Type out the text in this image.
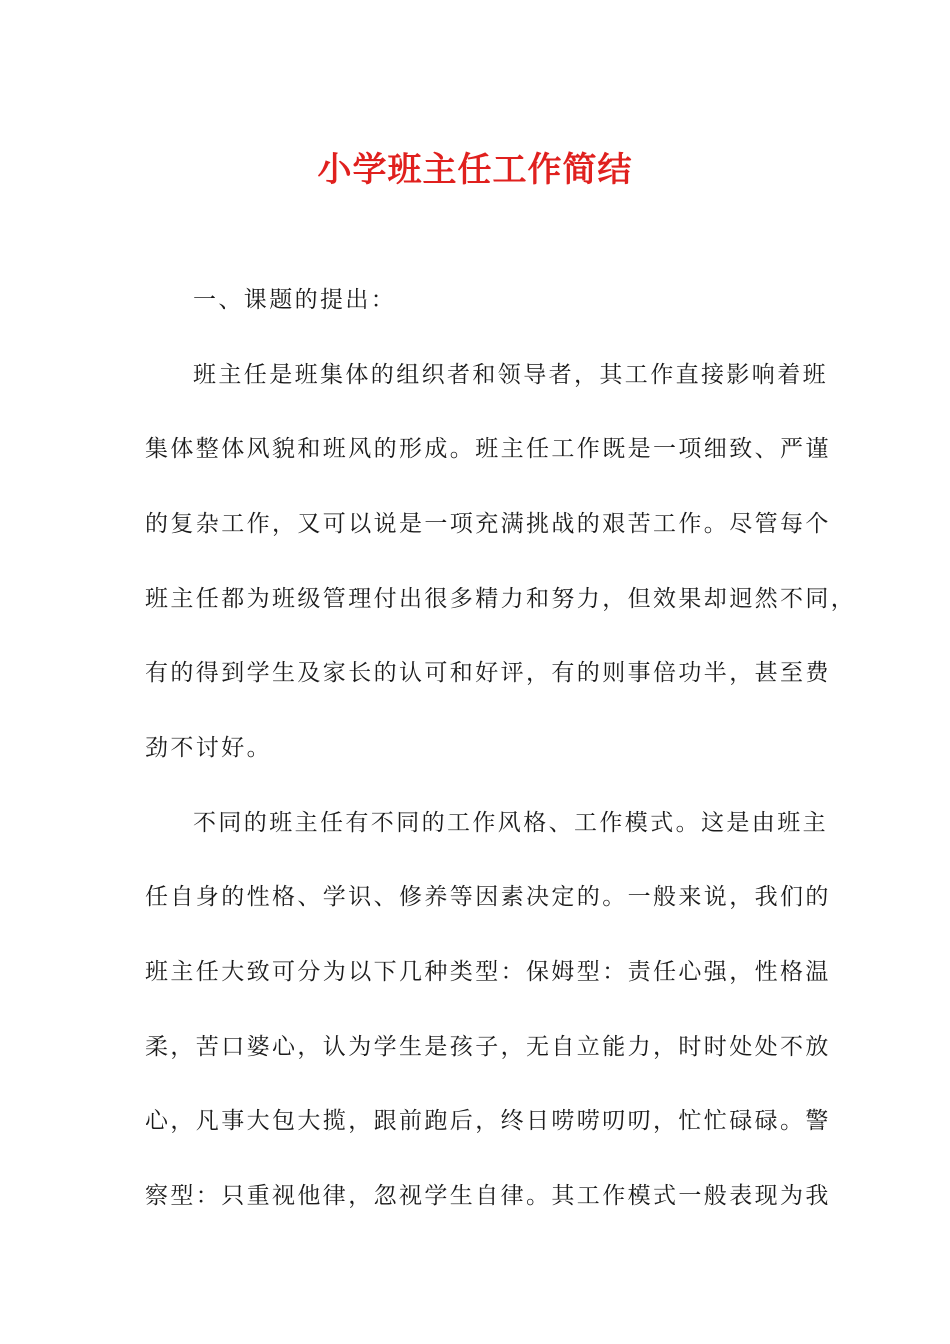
小学班主任工作简结

一、课题的提出：

班主任是班集体的组织者和领导者，其工作直接影响着班

集体整体风貌和班风的形成。班主任工作既是一项细致、严谨

的复杂工作，又可以说是一项充满挑战的艰苦工作。尽管每个

班主任都为班级管理付出很多精力和努力，但效果却迥然不同，

有的得到学生及家长的认可和好评，有的则事倍功半，甚至费

劲不讨好。

不同的班主任有不同的工作风格、工作模式。这是由班主

任自身的性格、学识、修养等因素决定的。一般来说，我们的

班主任大致可分为以下几种类型：保姆型：责任心强，性格温

柔，苦口婆心，认为学生是孩子，无自立能力，时时处处不放

心，凡事大包大揽，跟前跑后，终日唠唠叨叨，忙忙碌碌。警

察型：只重视他律，忽视学生自律。其工作模式一般表现为我
